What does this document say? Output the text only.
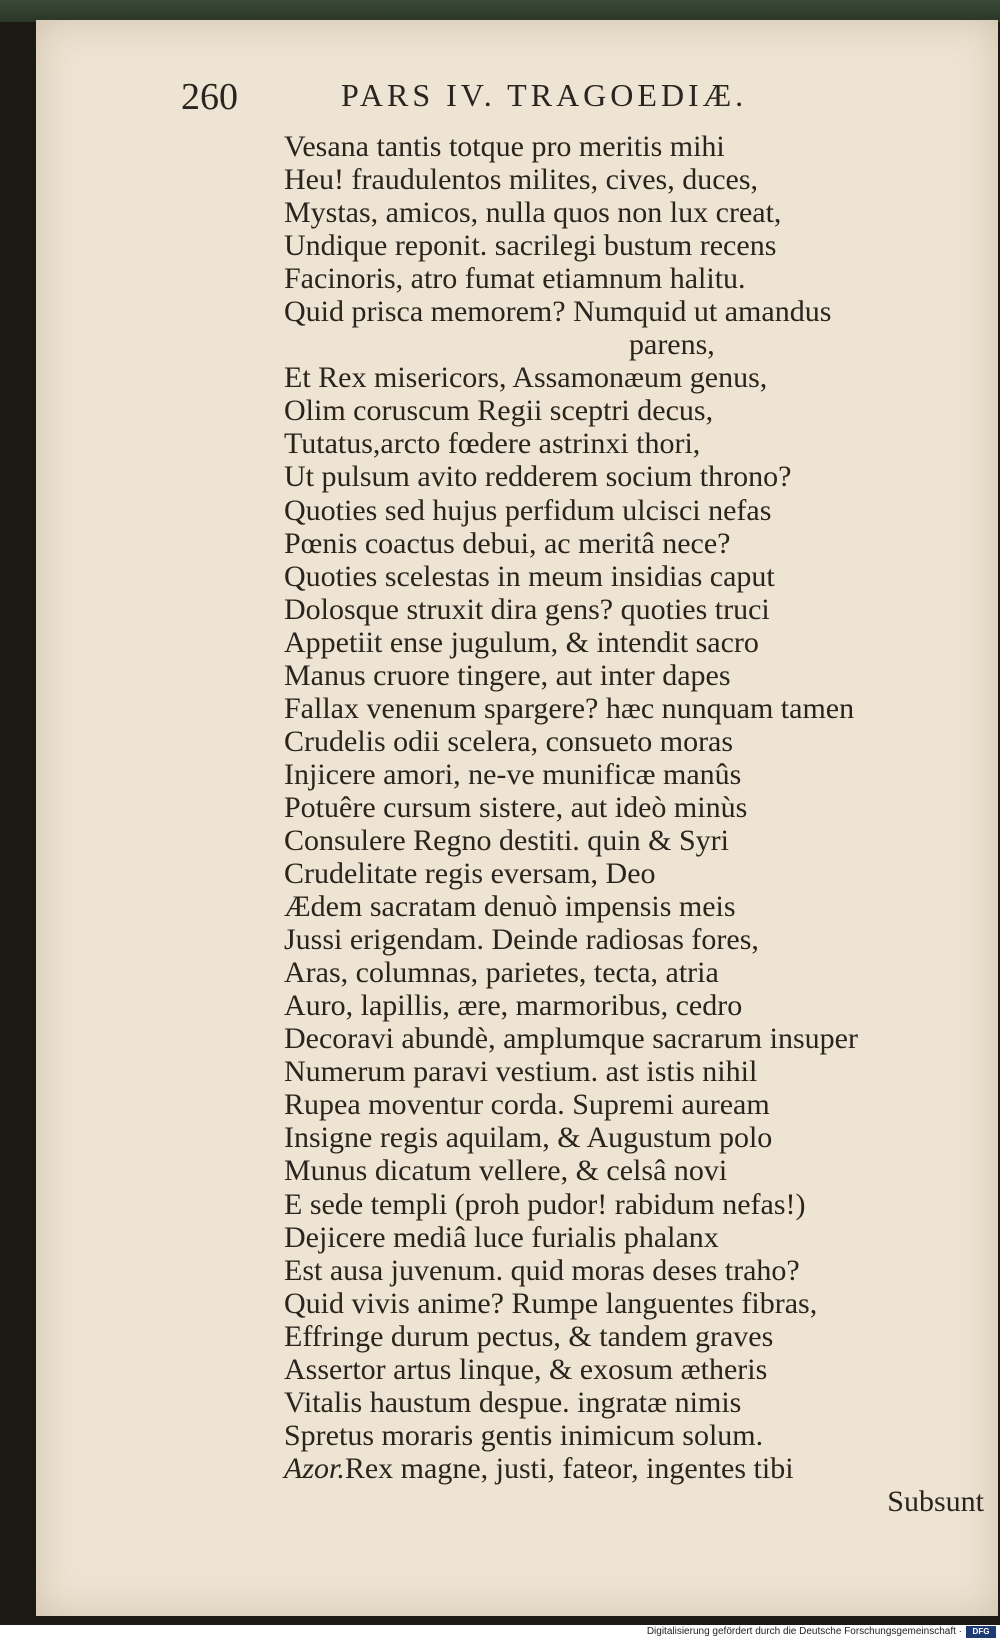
260	PARS IV. TRAGOEDIÆ.
Vesana tantis totque pro meritis mihi
Heu! fraudulentos milites, cives, duces,
Mystas, amicos, nulla quos non lux creat,
Undique reponit. sacrilegi bustum recens
Facinoris, atro fumat etiamnum halitu.
Quid prisca memorem? Numquid ut amandus
parens,
Et Rex misericors, Assamonæum genus,
Olim coruscum Regii sceptri decus,
Tutatus,arcto fœdere astrinxi thori,
Ut pulsum avito redderem socium throno?
Quoties sed hujus perfidum ulcisci nefas
Pœnis coactus debui, ac meritâ nece?
Quoties scelestas in meum insidias caput
Dolosque struxit dira gens? quoties truci
Appetiit ense jugulum, & intendit sacro
Manus cruore tingere, aut inter dapes
Fallax venenum spargere? hæc nunquam tamen
Crudelis odii scelera, consueto moras
Injicere amori, ne-ve munificæ manûs
Potuêre cursum sistere, aut ideò minùs
Consulere Regno destiti. quin & Syri
Crudelitate regis eversam, Deo
Ædem sacratam denuò impensis meis
Jussi erigendam. Deinde radiosas fores,
Aras, columnas, parietes, tecta, atria
Auro, lapillis, ære, marmoribus, cedro
Decoravi abundè, amplumque sacrarum insuper
Numerum paravi vestium. ast istis nihil
Rupea moventur corda. Supremi auream
Insigne regis aquilam, & Augustum polo
Munus dicatum vellere, & celsâ novi
E sede templi (proh pudor! rabidum nefas!)
Dejicere mediâ luce furialis phalanx
Est ausa juvenum. quid moras deses traho?
Quid vivis anime? Rumpe languentes fibras,
Effringe durum pectus, & tandem graves
Assertor artus linque, & exosum ætheris
Vitalis haustum despue. ingratæ nimis
Spretus moraris gentis inimicum solum.
Azor.Rex magne, justi, fateor, ingentes tibi
Subsunt
Digitalisierung gefördert durch die Deutsche Forschungsgemeinschaft ·	DFG
